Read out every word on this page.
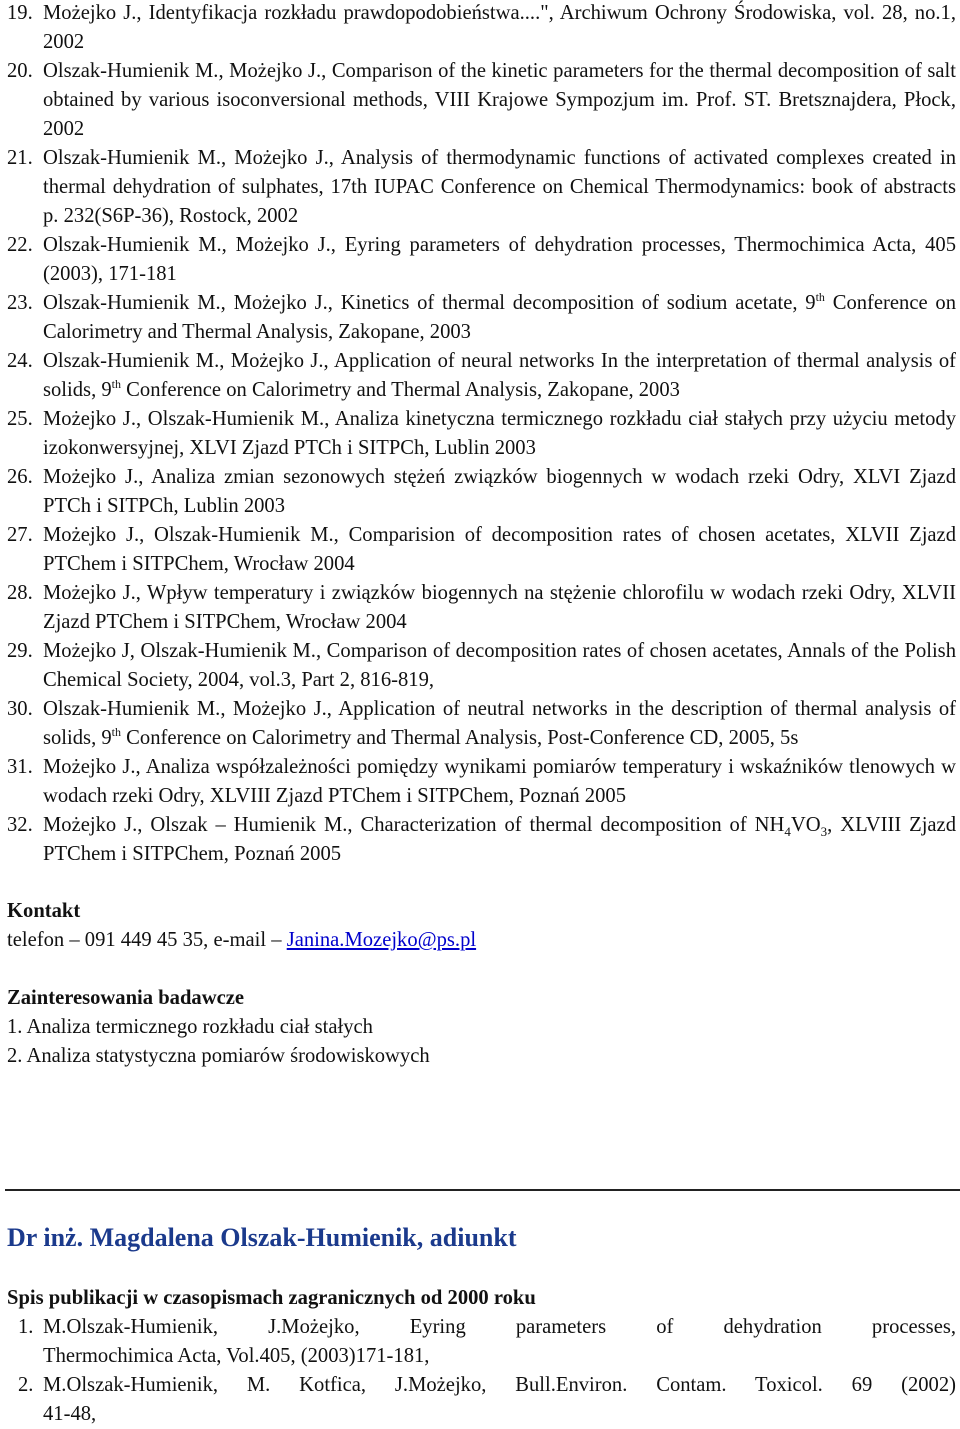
19. Możejko J., Identyfikacja rozkładu prawdopodobieństwa....", Archiwum Ochrony Środowiska, vol. 28, no.1, 2002
20. Olszak-Humienik M., Możejko J., Comparison of the kinetic parameters for the thermal decomposition of salt obtained by various isoconversional methods, VIII Krajowe Sympozjum im. Prof. ST. Bretsznajdera, Płock, 2002
21. Olszak-Humienik M., Możejko J., Analysis of thermodynamic functions of activated complexes created in thermal dehydration of sulphates, 17th IUPAC Conference on Chemical Thermodynamics: book of abstracts p. 232(S6P-36), Rostock, 2002
22. Olszak-Humienik M., Możejko J., Eyring parameters of dehydration processes, Thermochimica Acta, 405 (2003), 171-181
23. Olszak-Humienik M., Możejko J., Kinetics of thermal decomposition of sodium acetate, 9th Conference on Calorimetry and Thermal Analysis, Zakopane, 2003
24. Olszak-Humienik M., Możejko J., Application of neural networks In the interpretation of thermal analysis of solids, 9th Conference on Calorimetry and Thermal Analysis, Zakopane, 2003
25. Możejko J., Olszak-Humienik M., Analiza kinetyczna termicznego rozkładu ciał stałych przy użyciu metody izokonwersyjnej, XLVI Zjazd PTCh i SITPCh, Lublin 2003
26. Możejko J., Analiza zmian sezonowych stężeń związków biogennych w wodach rzeki Odry, XLVI Zjazd PTCh i SITPCh, Lublin 2003
27. Możejko J., Olszak-Humienik M., Comparision of decomposition rates of chosen acetates, XLVII Zjazd PTChem i SITPChem, Wrocław 2004
28. Możejko J., Wpływ temperatury i związków biogennych na stężenie chlorofilu w wodach rzeki Odry, XLVII Zjazd PTChem i SITPChem, Wrocław 2004
29. Możejko J, Olszak-Humienik M., Comparison of decomposition rates of chosen acetates, Annals of the Polish Chemical Society, 2004, vol.3, Part 2, 816-819,
30. Olszak-Humienik M., Możejko J., Application of neutral networks in the description of thermal analysis of solids, 9th Conference on Calorimetry and Thermal Analysis, Post-Conference CD, 2005, 5s
31. Możejko J., Analiza współzależności pomiędzy wynikami pomiarów temperatury i wskaźników tlenowych w wodach rzeki Odry, XLVIII Zjazd PTChem i SITPChem, Poznań 2005
32. Możejko J., Olszak – Humienik M., Characterization of thermal decomposition of $NH_4VO_3$, XLVIII Zjazd PTChem i SITPChem, Poznań 2005
Kontakt
telefon – 091 449 45 35, e-mail – Janina.Mozejko@ps.pl
Zainteresowania badawcze
1. Analiza termicznego rozkładu ciał stałych
2. Analiza statystyczna pomiarów środowiskowych
Dr inż. Magdalena Olszak-Humienik, adiunkt
Spis publikacji w czasopismach zagranicznych od 2000 roku
1. M.Olszak-Humienik, J.Możejko, Eyring parameters of dehydration processes,
Thermochimica Acta, Vol.405, (2003)171-181,
2. M.Olszak-Humienik, M. Kotfica, J.Możejko, Bull.Environ. Contam. Toxicol. 69 (2002)
41-48,
